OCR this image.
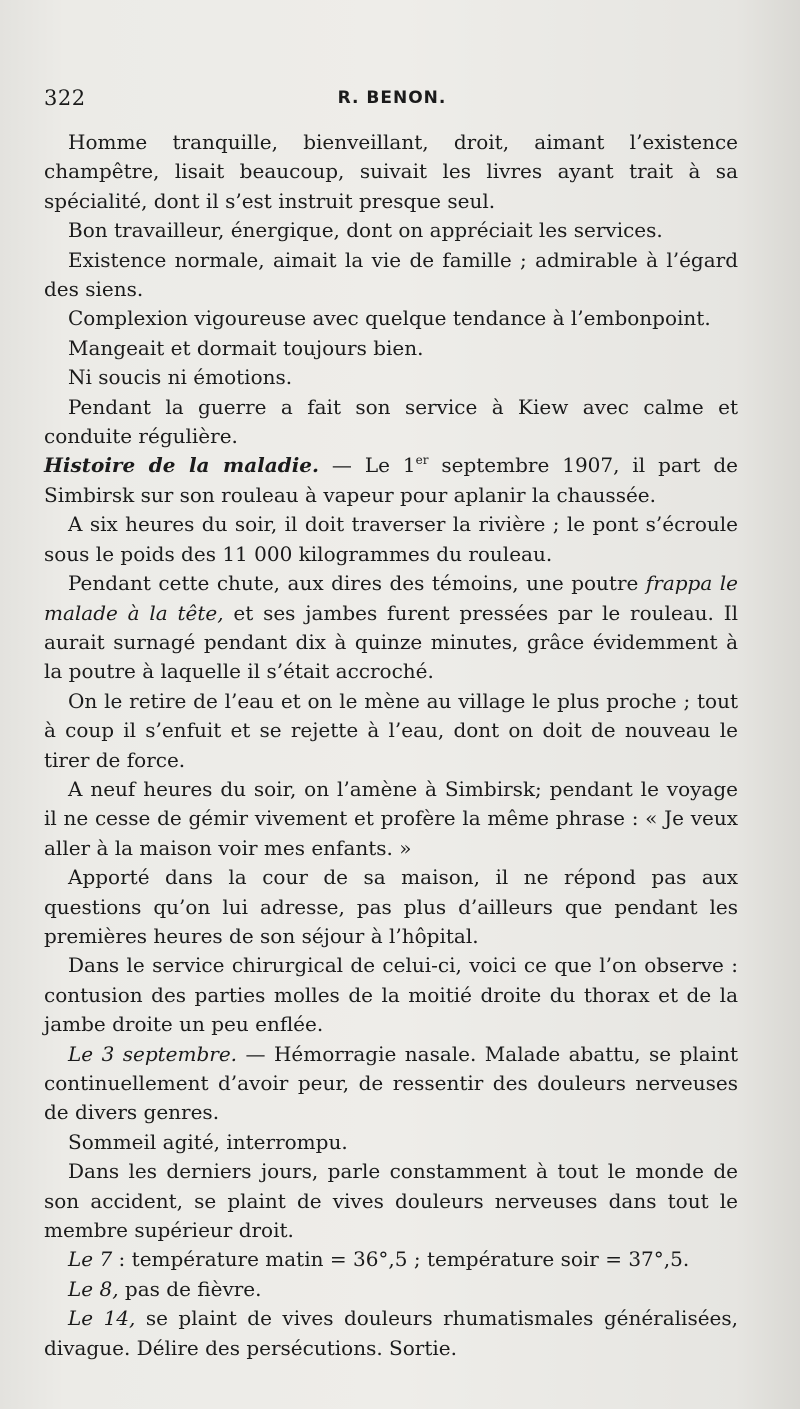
322	R. BENON.

Homme tranquille, bienveillant, droit, aimant l’existence champêtre, lisait beaucoup, suivait les livres ayant trait à sa spécialité, dont il s’est instruit presque seul.

Bon travailleur, énergique, dont on appréciait les services.

Existence normale, aimait la vie de famille ; admirable à l’égard des siens.

Complexion vigoureuse avec quelque tendance à l’embonpoint.

Mangeait et dormait toujours bien.

Ni soucis ni émotions.

Pendant la guerre a fait son service à Kiew avec calme et conduite régulière.

Histoire de la maladie. — Le 1er septembre 1907, il part de Simbirsk sur son rouleau à vapeur pour aplanir la chaussée.

A six heures du soir, il doit traverser la rivière ; le pont s’écroule sous le poids des 11 000 kilogrammes du rouleau.

Pendant cette chute, aux dires des témoins, une poutre frappa le malade à la tête, et ses jambes furent pressées par le rouleau. Il aurait surnagé pendant dix à quinze minutes, grâce évidemment à la poutre à laquelle il s’était accroché.

On le retire de l’eau et on le mène au village le plus proche ; tout à coup il s’enfuit et se rejette à l’eau, dont on doit de nouveau le tirer de force.

A neuf heures du soir, on l’amène à Simbirsk; pendant le voyage il ne cesse de gémir vivement et profère la même phrase : « Je veux aller à la maison voir mes enfants. »

Apporté dans la cour de sa maison, il ne répond pas aux questions qu’on lui adresse, pas plus d’ailleurs que pendant les premières heures de son séjour à l’hôpital.

Dans le service chirurgical de celui-ci, voici ce que l’on observe : contusion des parties molles de la moitié droite du thorax et de la jambe droite un peu enflée.

Le 3 septembre. — Hémorragie nasale. Malade abattu, se plaint continuellement d’avoir peur, de ressentir des douleurs nerveuses de divers genres.

Sommeil agité, interrompu.

Dans les derniers jours, parle constamment à tout le monde de son accident, se plaint de vives douleurs nerveuses dans tout le membre supérieur droit.

Le 7 : température matin = 36°,5 ; température soir = 37°,5.

Le 8, pas de fièvre.

Le 14, se plaint de vives douleurs rhumatismales généralisées, divague. Délire des persécutions. Sortie.
